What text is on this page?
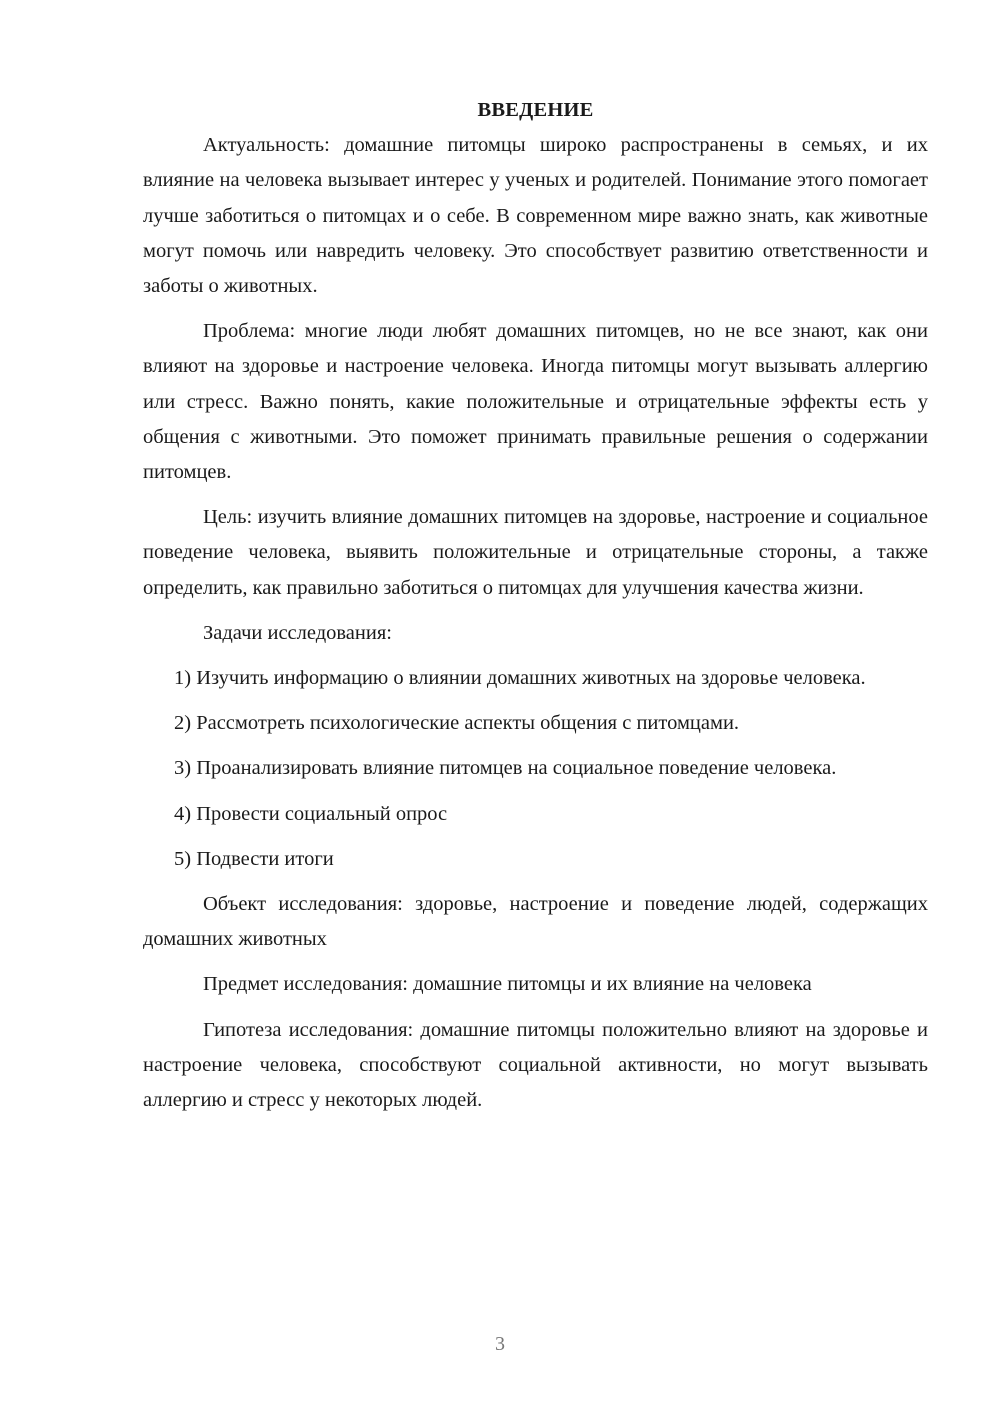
ВВЕДЕНИЕ

Актуальность: домашние питомцы широко распространены в семьях, и их влияние на человека вызывает интерес у ученых и родителей. Понимание этого помогает лучше заботиться о питомцах и о себе. В современном мире важно знать, как животные могут помочь или навредить человеку. Это способствует развитию ответственности и заботы о животных.

Проблема: многие люди любят домашних питомцев, но не все знают, как они влияют на здоровье и настроение человека. Иногда питомцы могут вызывать аллергию или стресс. Важно понять, какие положительные и отрицательные эффекты есть у общения с животными. Это поможет принимать правильные решения о содержании питомцев.

Цель: изучить влияние домашних питомцев на здоровье, настроение и социальное поведение человека, выявить положительные и отрицательные стороны, а также определить, как правильно заботиться о питомцах для улучшения качества жизни.

Задачи исследования:

1) Изучить информацию о влиянии домашних животных на здоровье человека.

2) Рассмотреть психологические аспекты общения с питомцами.

3) Проанализировать влияние питомцев на социальное поведение человека.

4) Провести социальный опрос

5) Подвести итоги

Объект исследования: здоровье, настроение и поведение людей, содержащих домашних животных

Предмет исследования: домашние питомцы и их влияние на человека

Гипотеза исследования: домашние питомцы положительно влияют на здоровье и настроение человека, способствуют социальной активности, но могут вызывать аллергию и стресс у некоторых людей.

3
